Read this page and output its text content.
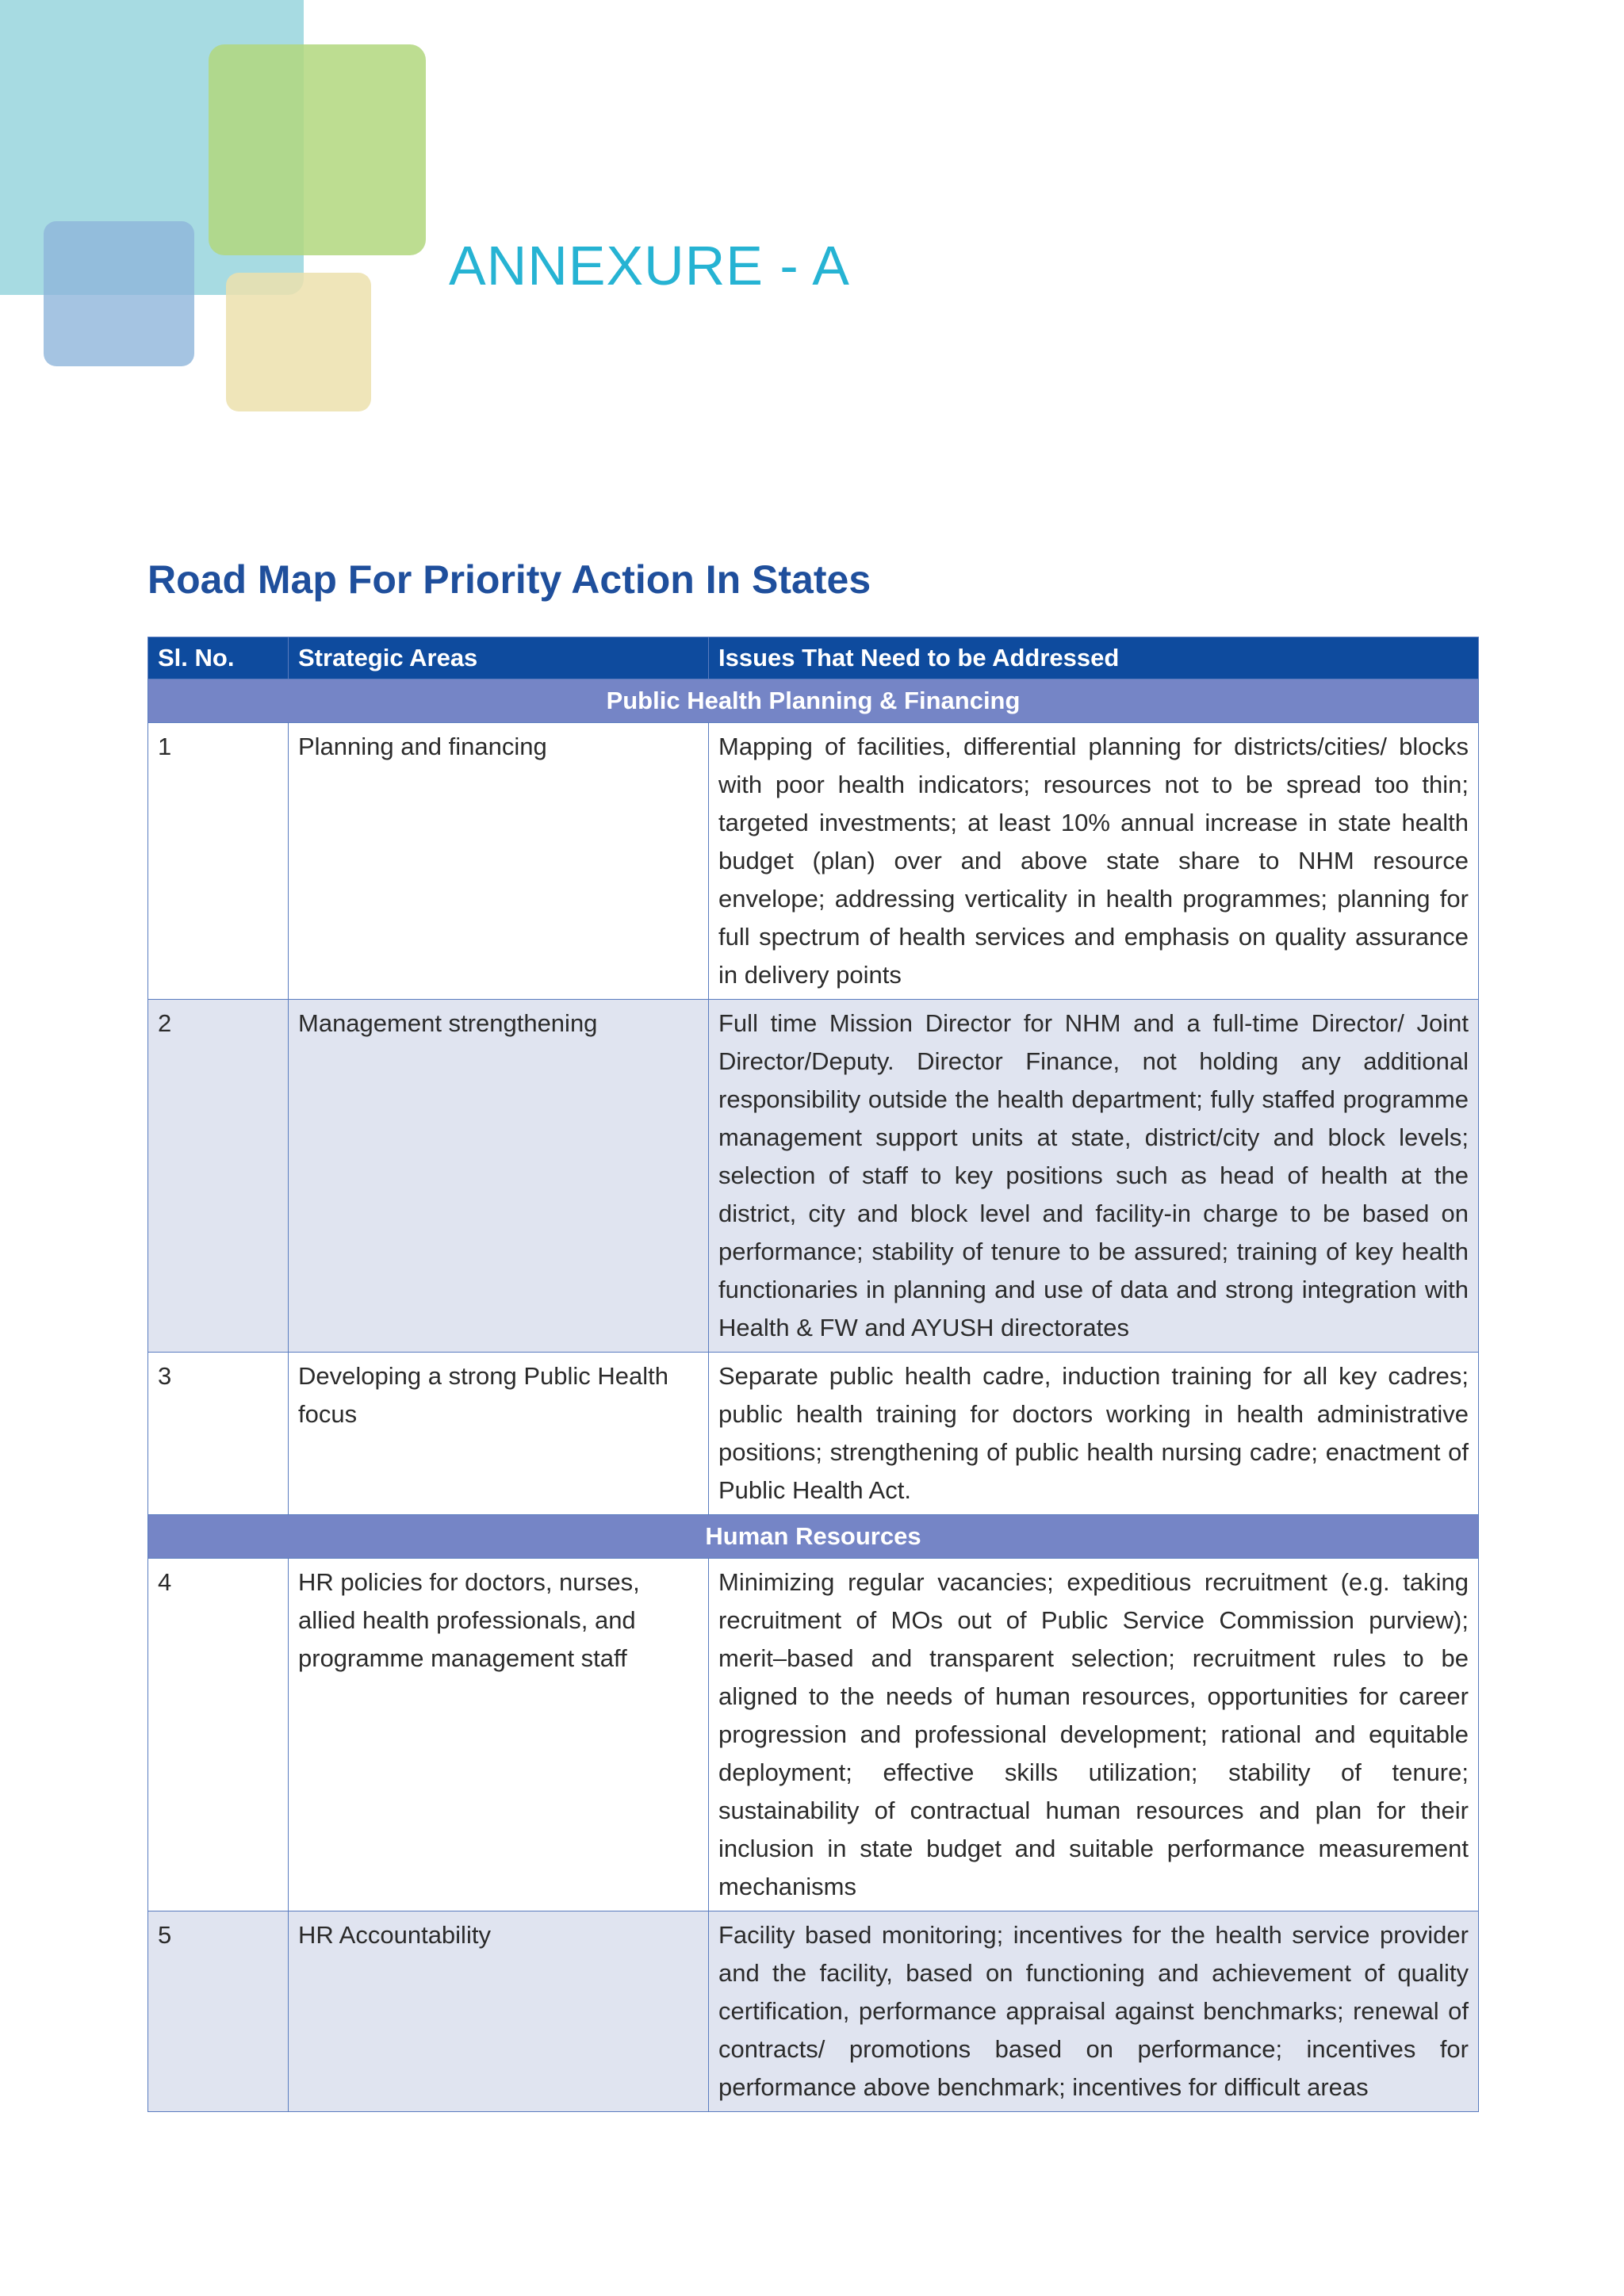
ANNEXURE - A
Road Map For Priority Action In States
Sl. No.	Strategic Areas	Issues That Need to be Addressed
Public Health Planning & Financing		
1	Planning and financing	Mapping of facilities, differential planning for districts/cities/ blocks with poor health indicators; resources not to be spread too thin; targeted investments; at least 10% annual increase in state health budget (plan) over and above state share to NHM resource envelope; addressing verticality in health programmes; planning for full spectrum of health services and emphasis on quality assurance in delivery points
2	Management strengthening	Full time Mission Director for NHM and a full-time Director/ Joint Director/Deputy. Director Finance, not holding any additional responsibility outside the health department; fully staffed programme management support units at state, district/city and block levels; selection of staff to key positions such as head of health at the district, city and block level and facility-in charge to be based on performance; stability of tenure to be assured; training of key health functionaries in planning and use of data and strong integration with Health & FW and AYUSH directorates
3	Developing a strong Public Health focus	Separate public health cadre, induction training for all key cadres; public health training for doctors working in health administrative positions; strengthening of public health nursing cadre; enactment of Public Health Act.
Human Resources		
4	HR policies for doctors, nurses, allied health professionals, and programme management staff	Minimizing regular vacancies; expeditious recruitment (e.g. taking recruitment of MOs out of Public Service Commission purview); merit–based and transparent selection; recruitment rules to be aligned to the needs of human resources, opportunities for career progression and professional development; rational and equitable deployment; effective skills utilization; stability of tenure; sustainability of contractual human resources and plan for their inclusion in state budget and suitable performance measurement mechanisms
5	HR Accountability	Facility based monitoring; incentives for the health service provider and the facility, based on functioning and achievement of quality certification, performance appraisal against benchmarks; renewal of contracts/ promotions based on performance; incentives for performance above benchmark; incentives for difficult areas
